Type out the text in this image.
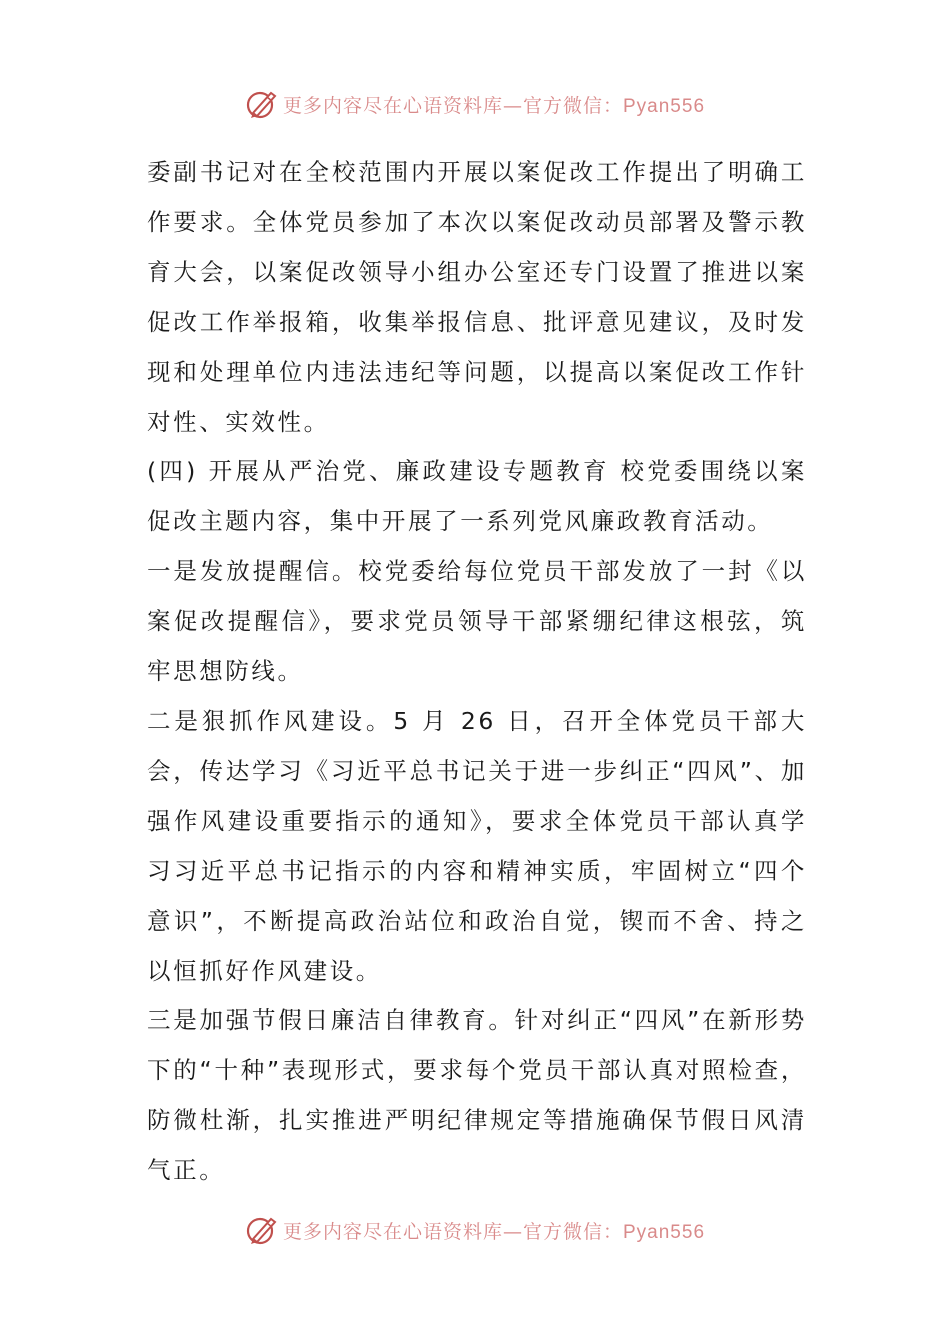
更多内容尽在心语资料库—官方微信：Pyan556

委副书记对在全校范围内开展以案促改工作提出了明确工作要求。全体党员参加了本次以案促改动员部署及警示教育大会，以案促改领导小组办公室还专门设置了推进以案促改工作举报箱，收集举报信息、批评意见建议，及时发现和处理单位内违法违纪等问题，以提高以案促改工作针对性、实效性。

(四) 开展从严治党、廉政建设专题教育 校党委围绕以案促改主题内容，集中开展了一系列党风廉政教育活动。

一是发放提醒信。校党委给每位党员干部发放了一封《以案促改提醒信》，要求党员领导干部紧绷纪律这根弦，筑牢思想防线。

二是狠抓作风建设。5 月 26 日，召开全体党员干部大会，传达学习《习近平总书记关于进一步纠正“四风”、加强作风建设重要指示的通知》，要求全体党员干部认真学习习近平总书记指示的内容和精神实质，牢固树立“四个意识”，不断提高政治站位和政治自觉，锲而不舍、持之以恒抓好作风建设。

三是加强节假日廉洁自律教育。针对纠正“四风”在新形势下的“十种”表现形式，要求每个党员干部认真对照检查，防微杜渐，扎实推进严明纪律规定等措施确保节假日风清气正。

更多内容尽在心语资料库—官方微信：Pyan556
